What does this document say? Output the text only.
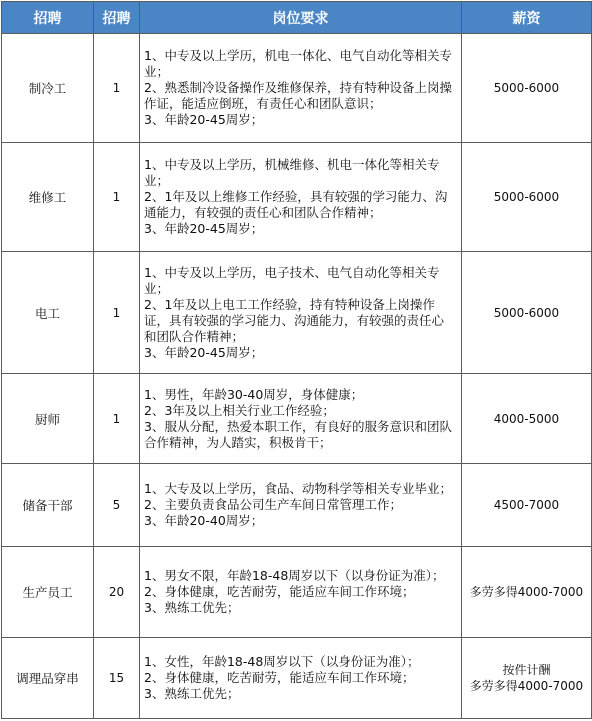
招聘	招聘	岗位要求	薪资
制冷工	1	1、中专及以上学历，机电一体化、电气自动化等相关专业；
2、熟悉制冷设备操作及维修保养，持有特种设备上岗操作证，能适应倒班，有责任心和团队意识；
3、年龄20-45周岁；	5000-6000

维修工	1	1、中专及以上学历，机械维修、机电一体化等相关专业；
2、1年及以上维修工作经验，具有较强的学习能力、沟通能力，有较强的责任心和团队合作精神；
3、年龄20-45周岁；	5000-6000

电工	1	1、中专及以上学历，电子技术、电气自动化等相关专业；
2、1年及以上电工工作经验，持有特种设备上岗操作证，具有较强的学习能力、沟通能力，有较强的责任心和团队合作精神；
3、年龄20-45周岁；	5000-6000

厨师	1	1、男性，年龄30-40周岁，身体健康；
2、3年及以上相关行业工作经验；
3、服从分配，热爱本职工作，有良好的服务意识和团队合作精神，为人踏实，积极肯干；	4000-5000

储备干部	5	1、大专及以上学历，食品、动物科学等相关专业毕业；
2、主要负责食品公司生产车间日常管理工作；
3、年龄20-40周岁；	4500-7000

生产员工	20	1、男女不限，年龄18-48周岁以下（以身份证为准）；
2、身体健康，吃苦耐劳，能适应车间工作环境；
3、熟练工优先；	多劳多得4000-7000

调理品穿串	15	1、女性，年龄18-48周岁以下（以身份证为准）；
2、身体健康，吃苦耐劳，能适应车间工作环境；
3、熟练工优先；	按件计酬
多劳多得4000-7000
